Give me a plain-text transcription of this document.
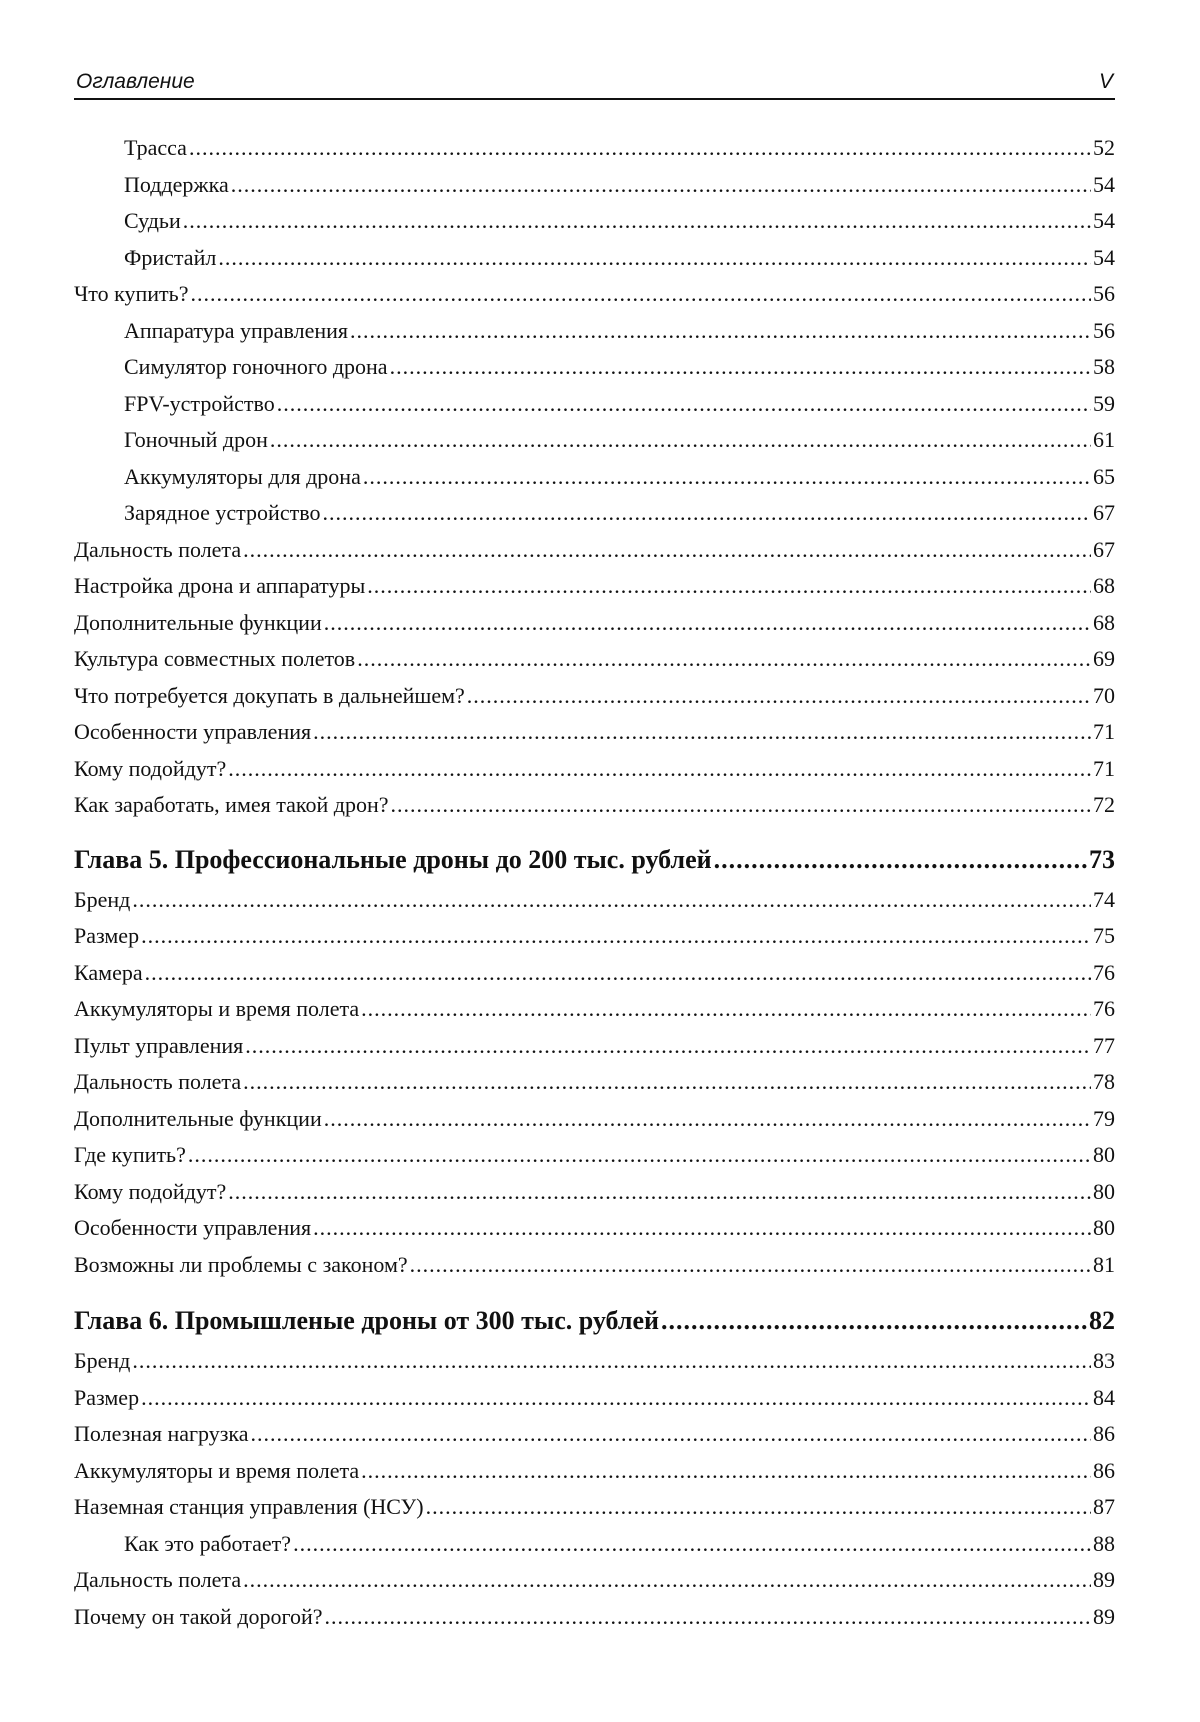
Оглавление	V
Трасса .....	52
Поддержка .....	54
Судьи .....	54
Фристайл .....	54
Что купить? .....	56
Аппаратура управления .....	56
Симулятор гоночного дрона .....	58
FPV-устройство .....	59
Гоночный дрон .....	61
Аккумуляторы для дрона .....	65
Зарядное устройство .....	67
Дальность полета .....	67
Настройка дрона и аппаратуры .....	68
Дополнительные функции .....	68
Культура совместных полетов .....	69
Что потребуется докупать в дальнейшем? .....	70
Особенности управления .....	71
Кому подойдут? .....	71
Как заработать, имея такой дрон? .....	72
Глава 5. Профессиональные дроны до 200 тыс. рублей .....	73
Бренд .....	74
Размер .....	75
Камера .....	76
Аккумуляторы и время полета .....	76
Пульт управления .....	77
Дальность полета .....	78
Дополнительные функции .....	79
Где купить? .....	80
Кому подойдут? .....	80
Особенности управления .....	80
Возможны ли проблемы с законом? .....	81
Глава 6. Промышленые дроны от 300 тыс. рублей .....	82
Бренд .....	83
Размер .....	84
Полезная нагрузка .....	86
Аккумуляторы и время полета .....	86
Наземная станция управления (НСУ) .....	87
Как это работает? .....	88
Дальность полета .....	89
Почему он такой дорогой? .....	89
